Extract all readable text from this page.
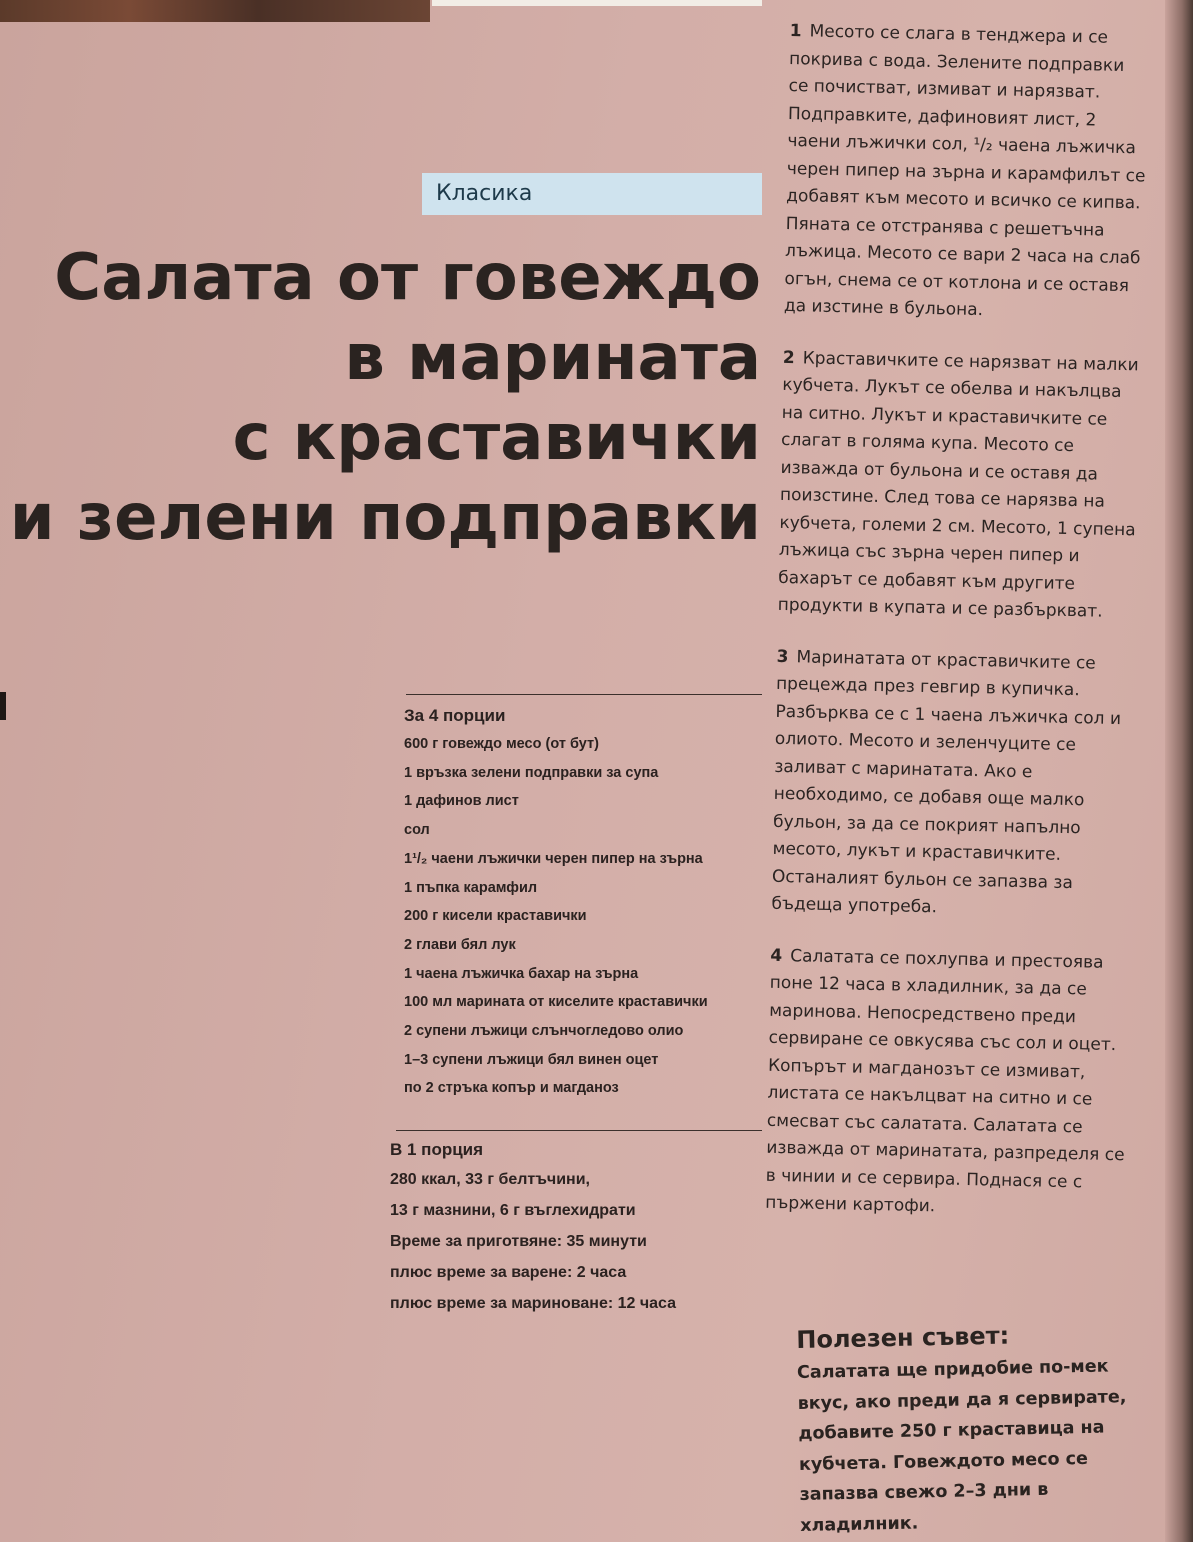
Класика
Салата от говеждо
в марината
с краставички
и зелени подправки
За 4 порции
600 г говеждо месо (от бут)
1 връзка зелени подправки за супа
1 дафинов лист
сол
1¹/₂ чаени лъжички черен пипер на зърна
1 пъпка карамфил
200 г кисели краставички
2 глави бял лук
1 чаена лъжичка бахар на зърна
100 мл марината от киселите краставички
2 супени лъжици слънчогледово олио
1–3 супени лъжици бял винен оцет
по 2 стръка копър и магданоз
В 1 порция
280 ккал, 33 г белтъчини,
13 г мазнини, 6 г въглехидрати
Време за приготвяне: 35 минути
плюс време за варене: 2 часа
плюс време за мариноване: 12 часа

1 Месото се слага в тенджера и се покрива с вода. Зелените подправки се почистват, измиват и нарязват. Подправките, дафиновият лист, 2 чаени лъжички сол, ¹/₂ чаена лъжичка черен пипер на зърна и карамфилът се добавят към месото и всичко се кипва. Пяната се отстранява с решетъчна лъжица. Месото се вари 2 часа на слаб огън, снема се от котлона и се оставя да изстине в бульона.

2 Краставичките се нарязват на малки кубчета. Лукът се обелва и накълцва на ситно. Лукът и краставичките се слагат в голяма купа. Месото се изважда от бульона и се оставя да поизстине. След това се нарязва на кубчета, големи 2 см. Месото, 1 супена лъжица със зърна черен пипер и бахарът се добавят към другите продукти в купата и се разбъркват.

3 Маринатата от краставичките се прецежда през гевгир в купичка. Разбърква се с 1 чаена лъжичка сол и олиото. Месото и зеленчуците се заливат с маринатата. Ако е необходимо, се добавя още малко бульон, за да се покрият напълно месото, лукът и краставичките. Останалият бульон се запазва за бъдеща употреба.

4 Салатата се похлупва и престоява поне 12 часа в хладилник, за да се маринова. Непосредствено преди сервиране се овкусява със сол и оцет. Копърът и магданозът се измиват, листата се накълцват на ситно и се смесват със салатата. Салатата се изважда от маринатата, разпределя се в чинии и се сервира. Поднася се с пържени картофи.

Полезен съвет:
Салатата ще придобие по-мек вкус, ако преди да я сервирате, добавите 250 г краставица на кубчета. Говеждото месо се запазва свежо 2–3 дни в хладилник.
